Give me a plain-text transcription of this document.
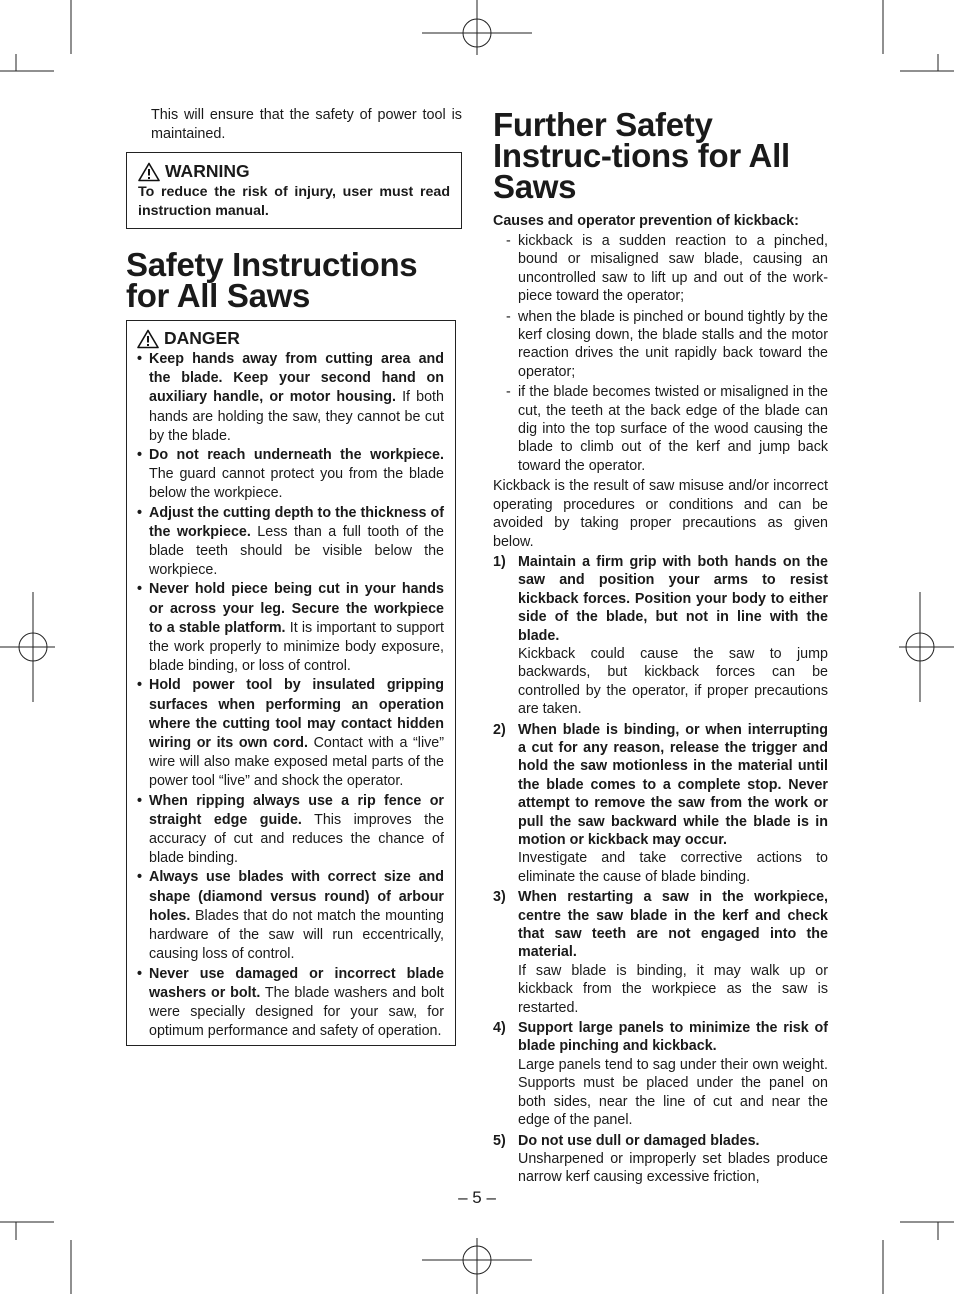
This will ensure that the safety of power tool is maintained.

WARNING

To reduce the risk of injury, user must read instruction manual.

Safety Instructions for All Saws
DANGER
• Keep hands away from cutting area and the blade. Keep your second hand on auxiliary handle, or motor housing. If both hands are holding the saw, they cannot be cut by the blade.
• Do not reach underneath the workpiece. The guard cannot protect you from the blade below the workpiece.
• Adjust the cutting depth to the thickness of the workpiece. Less than a full tooth of the blade teeth should be visible below the workpiece.
• Never hold piece being cut in your hands or across your leg. Secure the workpiece to a stable platform. It is important to support the work properly to minimize body exposure, blade binding, or loss of control.
• Hold power tool by insulated gripping surfaces when performing an operation where the cutting tool may contact hidden wiring or its own cord. Contact with a “live” wire will also make exposed metal parts of the power tool “live” and shock the operator.
• When ripping always use a rip fence or straight edge guide. This improves the accuracy of cut and reduces the chance of blade binding.
• Always use blades with correct size and shape (diamond versus round) of arbour holes. Blades that do not match the mounting hardware of the saw will run eccentrically, causing loss of control.
• Never use damaged or incorrect blade washers or bolt. The blade washers and bolt were specially designed for your saw, for optimum performance and safety of operation.
Further Safety Instruc-tions for All Saws

Causes and operator prevention of kickback:

- kickback is a sudden reaction to a pinched, bound or misaligned saw blade, causing an uncontrolled saw to lift up and out of the work-piece toward the operator;
- when the blade is pinched or bound tightly by the kerf closing down, the blade stalls and the motor reaction drives the unit rapidly back toward the operator;
- if the blade becomes twisted or misaligned in the cut, the teeth at the back edge of the blade can dig into the top surface of the wood causing the blade to climb out of the kerf and jump back toward the operator.

Kickback is the result of saw misuse and/or incorrect operating procedures or conditions and can be avoided by taking proper precautions as given below.

1) Maintain a firm grip with both hands on the saw and position your arms to resist kickback forces. Position your body to either side of the blade, but not in line with the blade.
Kickback could cause the saw to jump backwards, but kickback forces can be controlled by the operator, if proper precautions are taken.
2) When blade is binding, or when interrupting a cut for any reason, release the trigger and hold the saw motionless in the material until the blade comes to a complete stop. Never attempt to remove the saw from the work or pull the saw backward while the blade is in motion or kickback may occur.
Investigate and take corrective actions to eliminate the cause of blade binding.
3) When restarting a saw in the workpiece, centre the saw blade in the kerf and check that saw teeth are not engaged into the material.
If saw blade is binding, it may walk up or kickback from the workpiece as the saw is restarted.
4) Support large panels to minimize the risk of blade pinching and kickback.
Large panels tend to sag under their own weight. Supports must be placed under the panel on both sides, near the line of cut and near the edge of the panel.
5) Do not use dull or damaged blades.
Unsharpened or improperly set blades produce narrow kerf causing excessive friction,
– 5 –
